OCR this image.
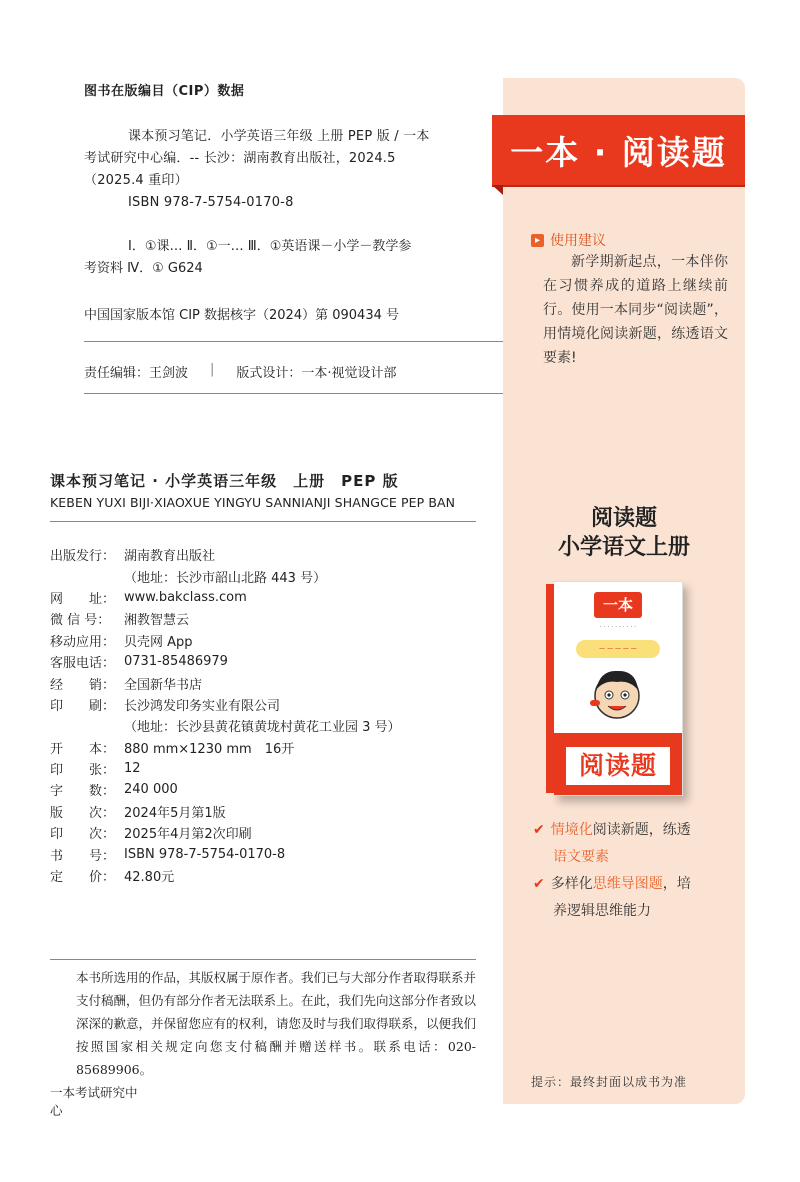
图书在版编目（CIP）数据
课本预习笔记．小学英语三年级 上册 PEP 版 / 一本
考试研究中心编．-- 长沙：湖南教育出版社，2024.5
（2025.4 重印）
ISBN 978-7-5754-0170-8
Ⅰ．①课… Ⅱ．①一… Ⅲ．①英语课－小学－教学参
考资料 Ⅳ．① G624
中国国家版本馆 CIP 数据核字（2024）第 090434 号
责任编辑：王剑波 | 版式设计：一本·视觉设计部
课本预习笔记 · 小学英语三年级　上册　PEP 版
KEBEN YUXI BIJI·XIAOXUE YINGYU SANNIANJI SHANGCE PEP BAN
出版发行： 湖南教育出版社
（地址：长沙市韶山北路 443 号）
网　　址： www.bakclass.com
微 信 号：	湘教智慧云
移动应用： 贝壳网 App
客服电话： 0731-85486979
经　　销： 全国新华书店
印　　刷： 长沙鸿发印务实业有限公司
（地址：长沙县黄花镇黄垅村黄花工业园 3 号）
开　　本： 880 mm×1230 mm　16开
印　　张： 12
字　　数： 240 000
版　　次： 2024年5月第1版
印　　次： 2025年4月第2次印刷
书　　号： ISBN 978-7-5754-0170-8
定　　价： 42.80元
本书所选用的作品，其版权属于原作者。我们已与大部分作者取得联系并支付稿酬，但仍有部分作者无法联系上。在此，我们先向这部分作者致以深深的歉意，并保留您应有的权利，请您及时与我们取得联系，以便我们按照国家相关规定向您支付稿酬并赠送样书。联系电话：020-85689906。
一本考试研究中心
一本 · 阅读题
▸ 使用建议
新学期新起点，一本伴你在习惯养成的道路上继续前行。使用一本同步“阅读题”，用情境化阅读新题，练透语文要素!
阅读题
小学语文上册
一本
· · · · · · · · · ·
— — — — —
阅读题
✔ 情境化阅读新题，练透
语文要素
✔ 多样化思维导图题，培
养逻辑思维能力
提示：最终封面以成书为准
